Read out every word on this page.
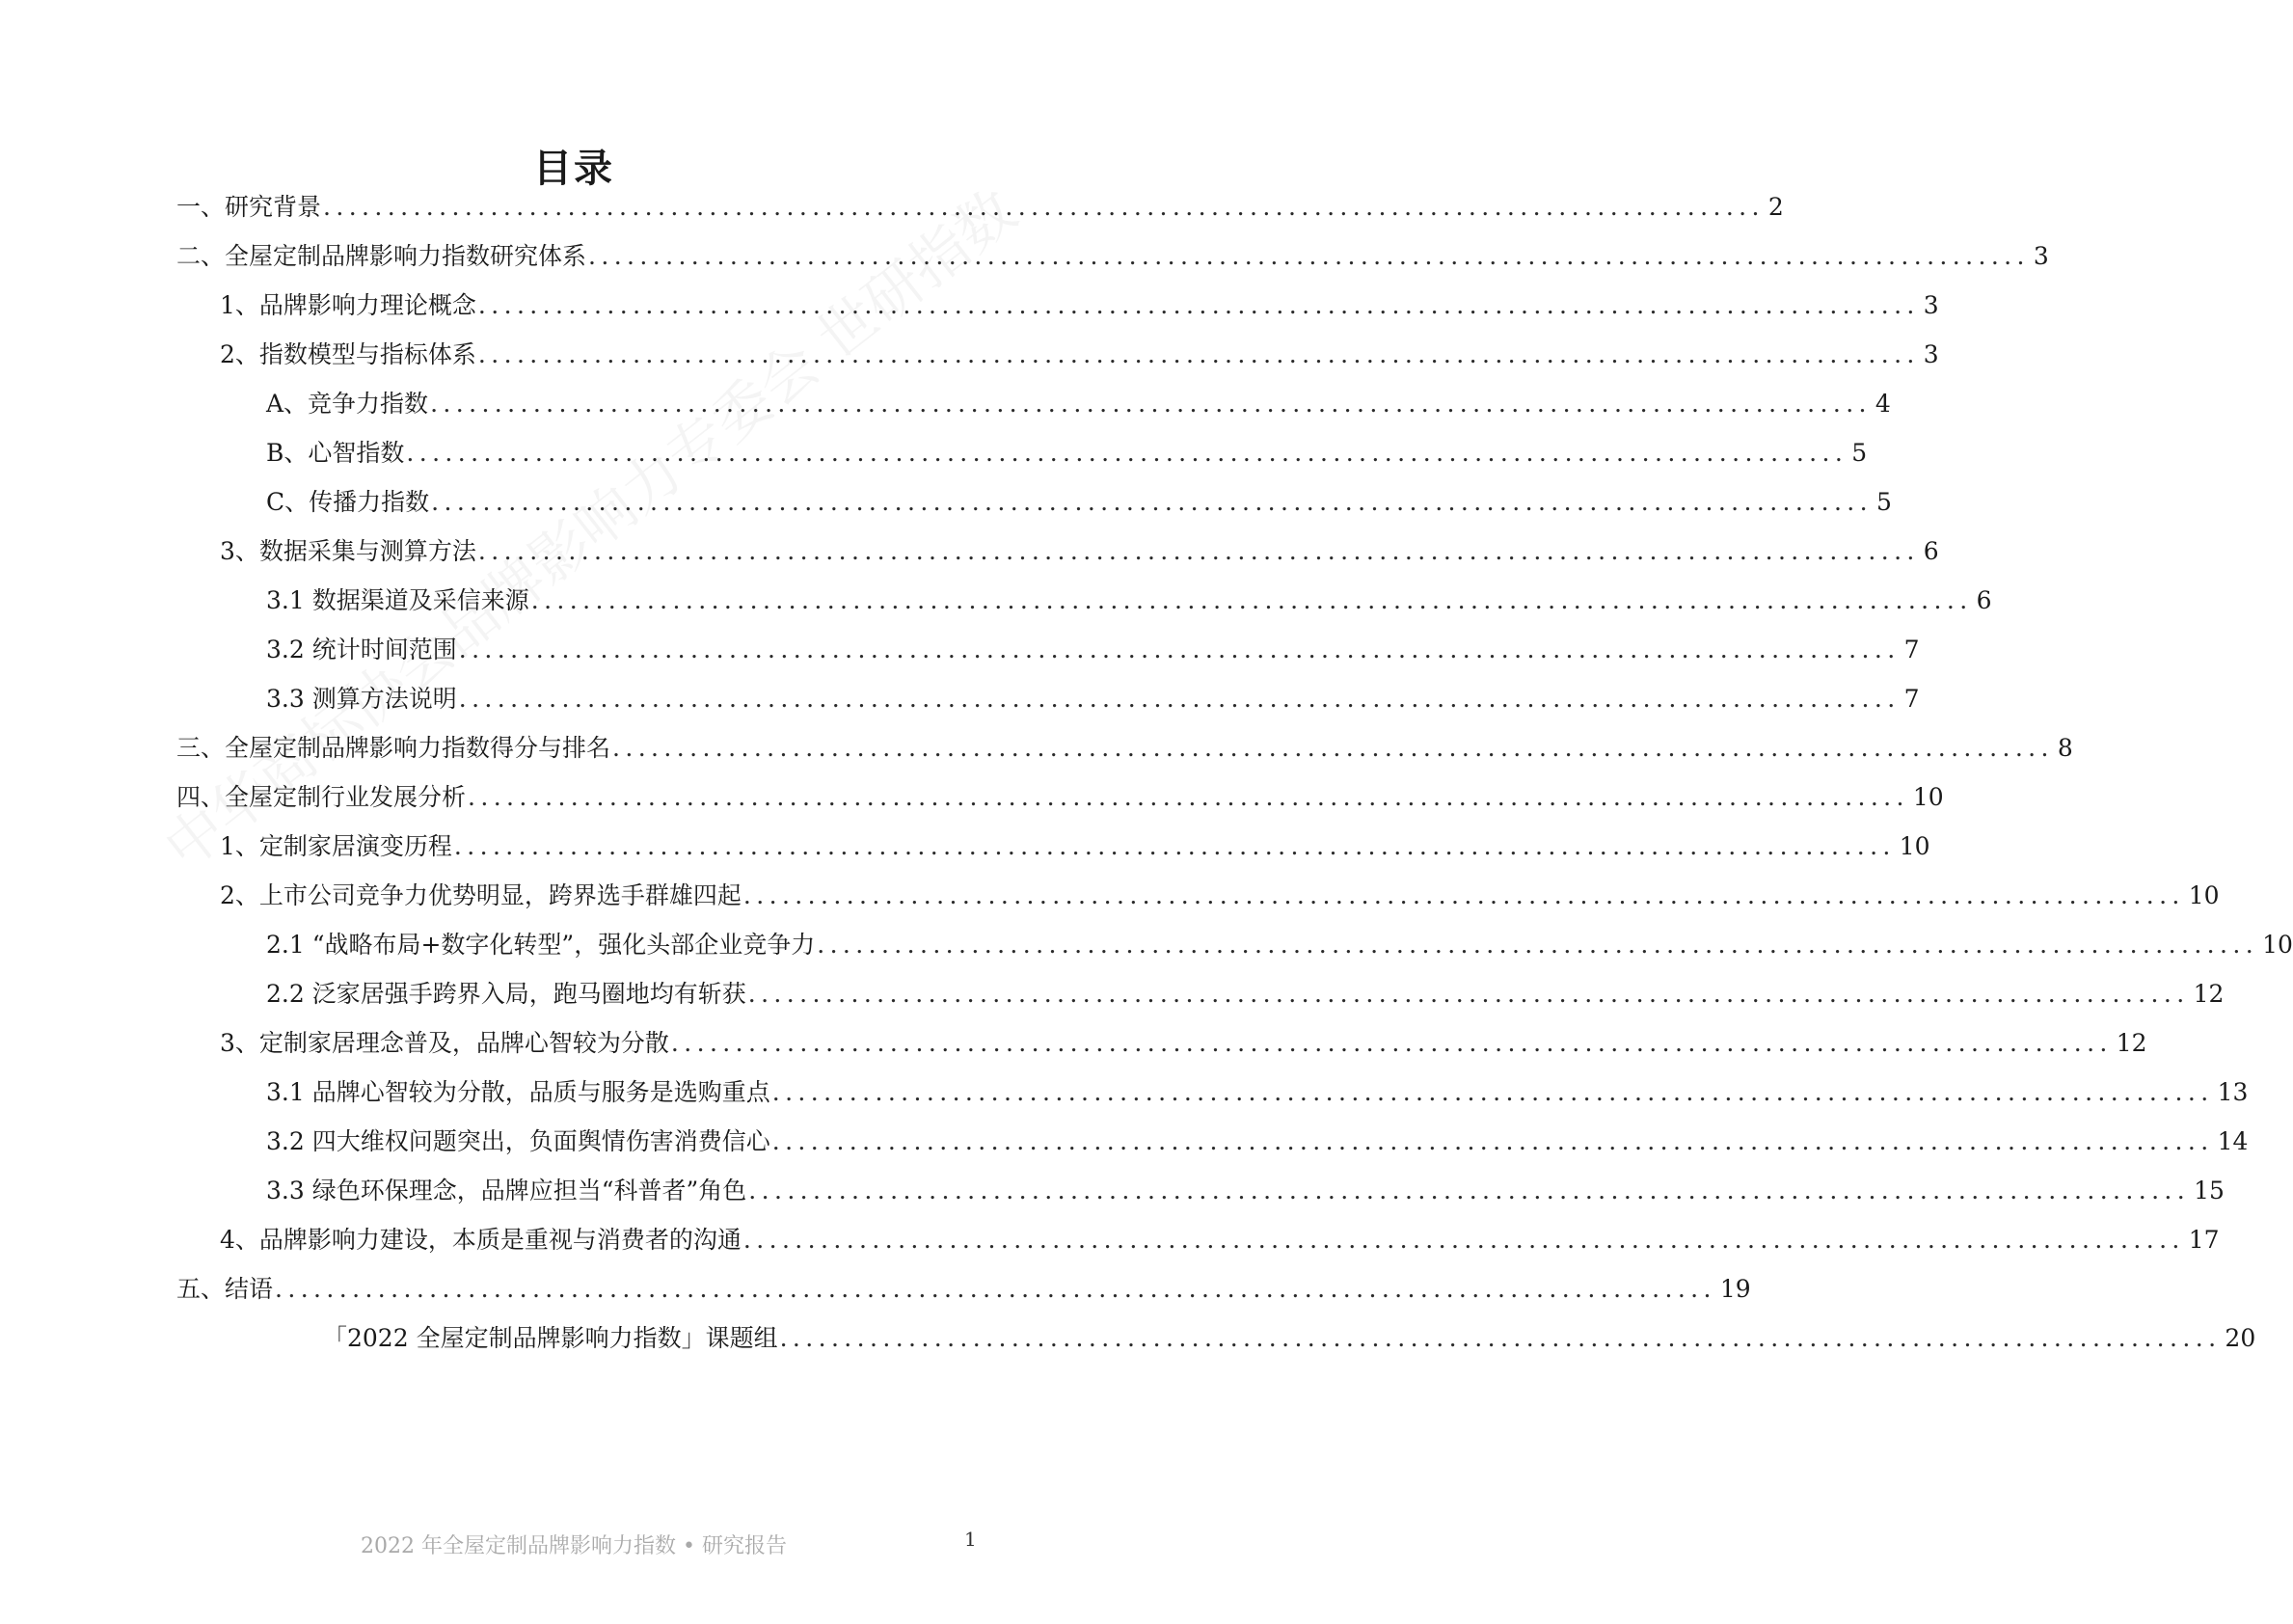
目录
一、研究背景 ................................................................................................................ 2
二、全屋定制品牌影响力指数研究体系 ................................................................................................................ 3
1、品牌影响力理论概念 ................................................................................................................ 3
2、指数模型与指标体系 ................................................................................................................ 3
A、竞争力指数 ................................................................................................................ 4
B、心智指数 ................................................................................................................ 5
C、传播力指数 ................................................................................................................ 5
3、数据采集与测算方法 ................................................................................................................ 6
3.1 数据渠道及采信来源 ................................................................................................................ 6
3.2 统计时间范围 ................................................................................................................ 7
3.3 测算方法说明 ................................................................................................................ 7
三、全屋定制品牌影响力指数得分与排名 ................................................................................................................ 8
四、全屋定制行业发展分析 ................................................................................................................ 10
1、定制家居演变历程 ................................................................................................................ 10
2、上市公司竞争力优势明显，跨界选手群雄四起 ................................................................................................................ 10
2.1 “战略布局+数字化转型”，强化头部企业竞争力 ................................................................................................................ 10
2.2 泛家居强手跨界入局，跑马圈地均有斩获 ................................................................................................................ 12
3、定制家居理念普及，品牌心智较为分散 ................................................................................................................ 12
3.1 品牌心智较为分散，品质与服务是选购重点 ................................................................................................................ 13
3.2 四大维权问题突出，负面舆情伤害消费信心 ................................................................................................................ 14
3.3 绿色环保理念，品牌应担当“科普者”角色 ................................................................................................................ 15
4、品牌影响力建设，本质是重视与消费者的沟通 ................................................................................................................ 17
五、结语 ................................................................................................................ 19
「2022 全屋定制品牌影响力指数」课题组 ................................................................................................................ 20
2022 年全屋定制品牌影响力指数 • 研究报告	1
